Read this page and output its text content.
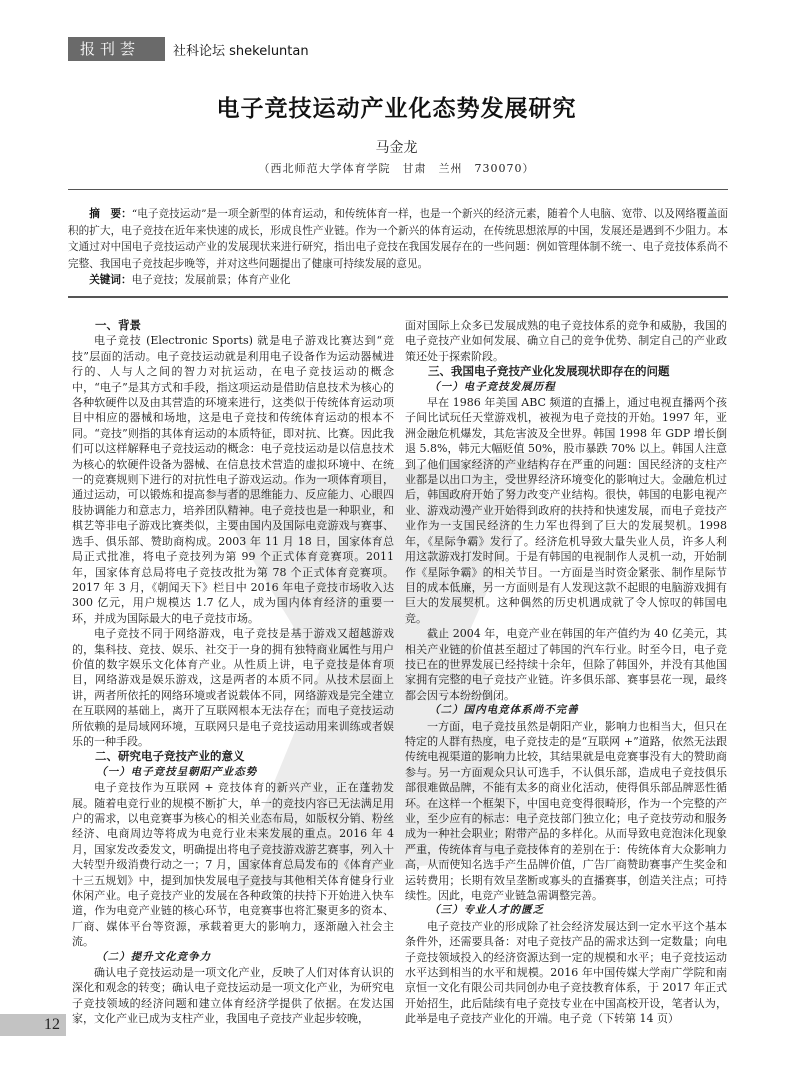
报刊荟萃
社科论坛 shekeluntan
电子竞技运动产业化态势发展研究
马金龙
（西北师范大学体育学院　甘肃　兰州　730070）

摘　要：“电子竞技运动”是一项全新型的体育运动，和传统体育一样，也是一个新兴的经济元素，随着个人电脑、宽带、以及网络覆盖面积的扩大，电子竞技在近年来快速的成长，形成良性产业链。作为一个新兴的体育运动，在传统思想浓厚的中国，发展还是遇到不少阻力。本文通过对中国电子竞技运动产业的发展现状来进行研究，指出电子竞技在我国发展存在的一些问题：例如管理体制不统一、电子竞技体系尚不完整、我国电子竞技起步晚等，并对这些问题提出了健康可持续发展的意见。

关键词：电子竞技；发展前景；体育产业化

一、背景

电子竞技 (Electronic Sports) 就是电子游戏比赛达到“竞技”层面的活动。电子竞技运动就是利用电子设备作为运动器械进行的、人与人之间的智力对抗运动，在电子竞技运动的概念中，“电子”是其方式和手段，指这项运动是借助信息技术为核心的各种软硬件以及由其营造的环境来进行，这类似于传统体育运动项目中相应的器械和场地，这是电子竞技和传统体育运动的根本不同。“竞技”则指的其体育运动的本质特征，即对抗、比赛。因此我们可以这样解释电子竞技运动的概念：电子竞技运动是以信息技术为核心的软硬件设备为器械、在信息技术营造的虚拟环境中、在统一的竞赛规则下进行的对抗性电子游戏运动。作为一项体育项目，通过运动，可以锻炼和提高参与者的思维能力、反应能力、心眼四肢协调能力和意志力，培养团队精神。电子竞技也是一种职业，和棋艺等非电子游戏比赛类似，主要由国内及国际电竞游戏与赛事、选手、俱乐部、赞助商构成。2003 年 11 月 18 日，国家体育总局正式批准，将电子竞技列为第 99 个正式体育竞赛项。2011 年，国家体育总局将电子竞技改批为第 78 个正式体育竞赛项。2017 年 3 月，《朝闻天下》栏目中 2016 年电子竞技市场收入达 300 亿元，用户规模达 1.7 亿人，成为国内体育经济的重要一环，并成为国际最大的电子竞技市场。

电子竞技不同于网络游戏，电子竞技是基于游戏又超越游戏的，集科技、竞技、娱乐、社交于一身的拥有独特商业属性与用户价值的数字娱乐文化体育产业。从性质上讲，电子竞技是体育项目，网络游戏是娱乐游戏，这是两者的本质不同。从技术层面上讲，两者所依托的网络环境或者说载体不同，网络游戏是完全建立在互联网的基础上，离开了互联网根本无法存在；而电子竞技运动所依赖的是局域网环境，互联网只是电子竞技运动用来训练或者娱乐的一种手段。

二、研究电子竞技产业的意义
（一）电子竞技呈朝阳产业态势

电子竞技作为互联网 + 竞技体育的新兴产业，正在蓬勃发展。随着电竞行业的规模不断扩大，单一的竞技内容已无法满足用户的需求，以电竞赛事为核心的相关业态布局，如版权分销、粉丝经济、电商周边等将成为电竞行业未来发展的重点。2016 年 4 月，国家发改委发文，明确提出将电子竞技游戏游艺赛事，列入十大转型升级消费行动之一；7 月，国家体育总局发布的《体育产业十三五规划》中，提到加快发展电子竞技与其他相关体育健身行业休闲产业。电子竞技产业的发展在各种政策的扶持下开始进入快车道，作为电竞产业链的核心环节，电竞赛事也将汇聚更多的资本、厂商、媒体平台等资源，承载着更大的影响力，逐渐融入社会主流。

（二）提升文化竞争力

确认电子竞技运动是一项文化产业，反映了人们对体育认识的深化和观念的转变；确认电子竞技运动是一项文化产业，为研究电子竞技领域的经济问题和建立体育经济学提供了依据。在发达国家，文化产业已成为支柱产业，我国电子竞技产业起步较晚，

面对国际上众多已发展成熟的电子竞技体系的竞争和威胁，我国的电子竞技产业如何发展、确立自己的竞争优势、制定自己的产业政策还处于探索阶段。

三、我国电子竞技产业化发展现状即存在的问题
（一）电子竞技发展历程

早在 1986 年美国 ABC 频道的直播上，通过电视直播两个孩子间比试玩任天堂游戏机，被视为电子竞技的开始。1997 年，亚洲金融危机爆发，其危害波及全世界。韩国 1998 年 GDP 增长倒退 5.8%，韩元大幅贬值 50%，股市暴跌 70% 以上。韩国人注意到了他们国家经济的产业结构存在严重的问题：国民经济的支柱产业都是以出口为主，受世界经济环境变化的影响过大。金融危机过后，韩国政府开始了努力改变产业结构。很快，韩国的电影电视产业、游戏动漫产业开始得到政府的扶持和快速发展，而电子竞技产业作为一支国民经济的生力军也得到了巨大的发展契机。1998 年，《星际争霸》发行了。经济危机导致大量失业人员，许多人利用这款游戏打发时间。于是有韩国的电视制作人灵机一动，开始制作《星际争霸》的相关节目。一方面是当时资金紧张、制作星际节目的成本低廉，另一方面则是有人发现这款不起眼的电脑游戏拥有巨大的发展契机。这种偶然的历史机遇成就了令人惊叹的韩国电竞。

截止 2004 年，电竞产业在韩国的年产值约为 40 亿美元，其相关产业链的价值甚至超过了韩国的汽车行业。时至今日，电子竞技已在的世界发展已经持续十余年，但除了韩国外，并没有其他国家拥有完整的电子竞技产业链。许多俱乐部、赛事昙花一现，最终都会因亏本纷纷倒闭。

（二）国内电竞体系尚不完善

一方面，电子竞技虽然是朝阳产业，影响力也相当大，但只在特定的人群有热度，电子竞技走的是“互联网 +”道路，依然无法跟传统电视渠道的影响力比较，其结果就是电竞赛事没有大的赞助商参与。另一方面观众只认可选手，不认俱乐部，造成电子竞技俱乐部很难做品牌，不能有太多的商业化活动，使得俱乐部品牌恶性循环。在这样一个框架下，中国电竞变得很畸形，作为一个完整的产业，至少应有的标志：电子竞技部门独立化；电子竞技劳动和服务成为一种社会职业；附带产品的多样化。从而导致电竞泡沫化现象严重，传统体育与电子竞技体育的差别在于：传统体育大众影响力高，从而使知名选手产生品牌价值，广告厂商赞助赛事产生奖金和运转费用；长期有效呈垄断或寡头的直播赛事，创造关注点；可持续性。因此，电竞产业链急需调整完善。

（三）专业人才的匮乏

电子竞技产业的形成除了社会经济发展达到一定水平这个基本条件外，还需要具备：对电子竞技产品的需求达到一定数量；向电子竞技领域投入的经济资源达到一定的规模和水平；电子竞技运动水平达到相当的水平和规模。2016 年中国传媒大学南广学院和南京恒一文化有限公司共同创办电子竞技教育体系，于 2017 年正式开始招生，此后陆续有电子竞技专业在中国高校开设，笔者认为，此举是电子竞技产业化的开端。电子竞（下转第 14 页）

12
